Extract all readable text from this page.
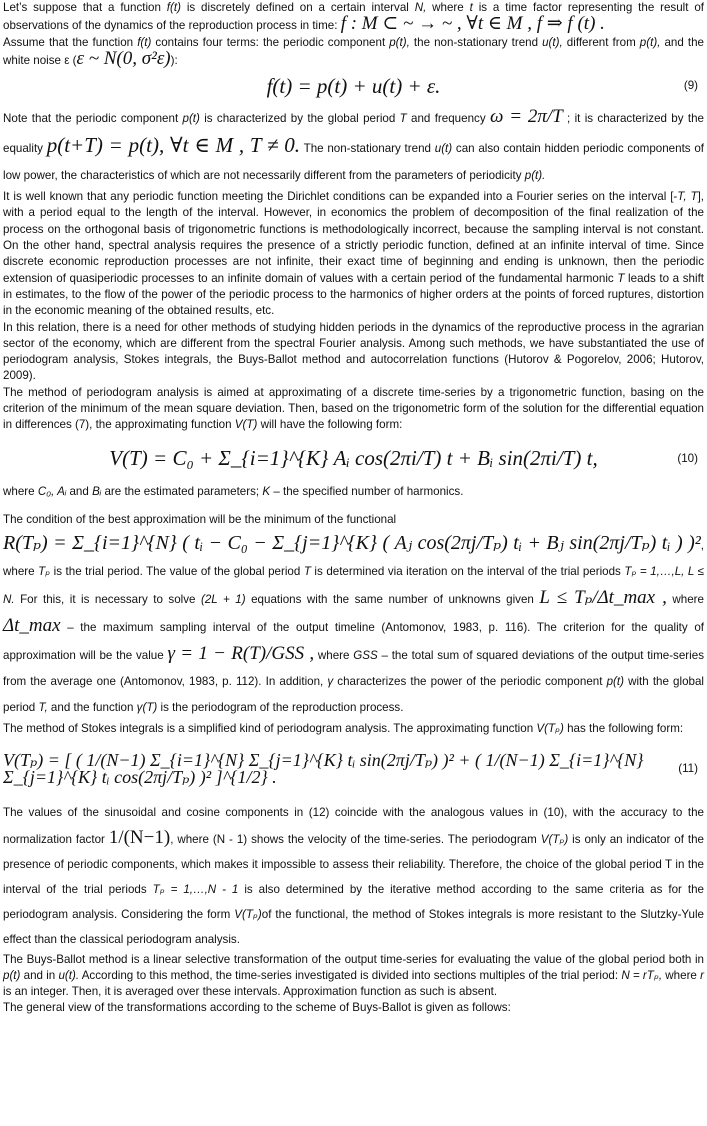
Let’s suppose that a function f(t) is discretely defined on a certain interval N, where t is a time factor representing the result of observations of the dynamics of the reproduction process in time: f : M ⊂ ~ → ~ , ∀t ∈ M , f ⇒ f (t) .

Assume that the function f(t) contains four terms: the periodic component p(t), the non-stationary trend u(t), different from p(t), and the white noise ε (ε ~ N(0, σ²ε)):

f(t) = p(t) + u(t) + ε.	(9)

Note that the periodic component p(t) is characterized by the global period T and frequency ω = 2π/T ; it is characterized by the equality p(t+T) = p(t), ∀t ∈ M , T ≠ 0. The non-stationary trend u(t) can also contain hidden periodic components of low power, the characteristics of which are not necessarily different from the parameters of periodicity p(t).

It is well known that any periodic function meeting the Dirichlet conditions can be expanded into a Fourier series on the interval [-T, T], with a period equal to the length of the interval. However, in economics the problem of decomposition of the final realization of the process on the orthogonal basis of trigonometric functions is methodologically incorrect, because the sampling interval is not constant. On the other hand, spectral analysis requires the presence of a strictly periodic function, defined at an infinite interval of time. Since discrete economic reproduction processes are not infinite, their exact time of beginning and ending is unknown, then the periodic extension of quasiperiodic processes to an infinite domain of values with a certain period of the fundamental harmonic T leads to a shift in estimates, to the flow of the power of the periodic process to the harmonics of higher orders at the points of forced ruptures, distortion in the economic meaning of the obtained results, etc.

In this relation, there is a need for other methods of studying hidden periods in the dynamics of the reproductive process in the agrarian sector of the economy, which are different from the spectral Fourier analysis. Among such methods, we have substantiated the use of periodogram analysis, Stokes integrals, the Buys-Ballot method and autocorrelation functions (Hutorov & Pogorelov, 2006; Hutorov, 2009).

The method of periodogram analysis is aimed at approximating of a discrete time-series by a trigonometric function, basing on the criterion of the minimum of the mean square deviation. Then, based on the trigonometric form of the solution for the differential equation in differences (7), the approximating function V(T) will have the following form:

V(T) = C₀ + Σ_{i=1}^{K} Aᵢ cos(2πi/T) t + Bᵢ sin(2πi/T) t,	(10)

where C₀, Aᵢ and Bᵢ are the estimated parameters; K – the specified number of harmonics.

The condition of the best approximation will be the minimum of the functional

R(Tₚ) = Σ_{i=1}^{N} ( tᵢ − C₀ − Σ_{j=1}^{K} ( Aⱼ cos(2πj/Tₚ) tᵢ + Bⱼ sin(2πj/Tₚ) tᵢ ) )², where Tₚ is the trial period. The value of the global period T is determined via iteration on the interval of the trial periods Tₚ = 1,…,L, L ≤ N. For this, it is necessary to solve (2L + 1) equations with the same number of unknowns given L ≤ Tₚ/Δt_max , where Δt_max – the maximum sampling interval of the output timeline (Antomonov, 1983, p. 116). The criterion for the quality of approximation will be the value γ = 1 − R(T)/GSS , where GSS – the total sum of squared deviations of the output time-series from the average one (Antomonov, 1983, p. 112). In addition, γ characterizes the power of the periodic component p(t) with the global period T, and the function γ(T) is the periodogram of the reproduction process.

The method of Stokes integrals is a simplified kind of periodogram analysis. The approximating function V(Tₚ) has the following form:

V(Tₚ) = [ ( 1/(N−1) Σ_{i=1}^{N} Σ_{j=1}^{K} tᵢ sin(2πj/Tₚ) )² + ( 1/(N−1) Σ_{i=1}^{N} Σ_{j=1}^{K} tᵢ cos(2πj/Tₚ) )² ]^{1/2} .	(11)

The values of the sinusoidal and cosine components in (12) coincide with the analogous values in (10), with the accuracy to the normalization factor 1/(N−1), where (N - 1) shows the velocity of the time-series. The periodogram V(Tₚ) is only an indicator of the presence of periodic components, which makes it impossible to assess their reliability. Therefore, the choice of the global period T in the interval of the trial periods Tₚ = 1,…,N - 1 is also determined by the iterative method according to the same criteria as for the periodogram analysis. Considering the form V(Tₚ)of the functional, the method of Stokes integrals is more resistant to the Slutzky-Yule effect than the classical periodogram analysis.

The Buys-Ballot method is a linear selective transformation of the output time-series for evaluating the value of the global period both in p(t) and in u(t). According to this method, the time-series investigated is divided into sections multiples of the trial period: N = rTₚ, where r is an integer. Then, it is averaged over these intervals. Approximation function as such is absent.

The general view of the transformations according to the scheme of Buys-Ballot is given as follows:
